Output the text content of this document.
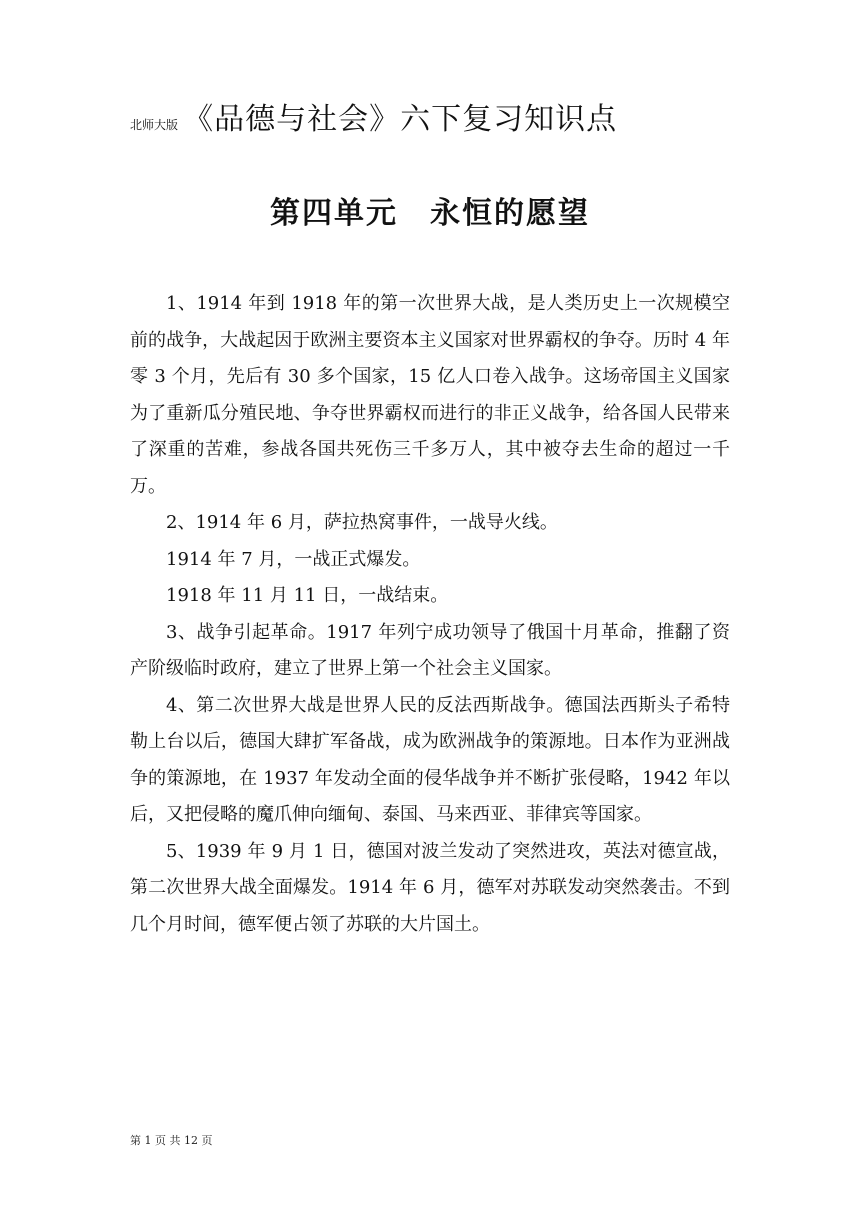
北师大版 《品德与社会》六下复习知识点
第四单元　永恒的愿望

1、1914 年到 1918 年的第一次世界大战，是人类历史上一次规模空前的战争，大战起因于欧洲主要资本主义国家对世界霸权的争夺。历时 4 年零 3 个月，先后有 30 多个国家，15 亿人口卷入战争。这场帝国主义国家为了重新瓜分殖民地、争夺世界霸权而进行的非正义战争，给各国人民带来了深重的苦难，参战各国共死伤三千多万人，其中被夺去生命的超过一千万。

2、1914 年 6 月，萨拉热窝事件，一战导火线。

1914 年 7 月，一战正式爆发。

1918 年 11 月 11 日，一战结束。

3、战争引起革命。1917 年列宁成功领导了俄国十月革命，推翻了资产阶级临时政府，建立了世界上第一个社会主义国家。

4、第二次世界大战是世界人民的反法西斯战争。德国法西斯头子希特勒上台以后，德国大肆扩军备战，成为欧洲战争的策源地。日本作为亚洲战争的策源地，在 1937 年发动全面的侵华战争并不断扩张侵略，1942 年以后，又把侵略的魔爪伸向缅甸、泰国、马来西亚、菲律宾等国家。

5、1939 年 9 月 1 日，德国对波兰发动了突然进攻，英法对德宣战，第二次世界大战全面爆发。1914 年 6 月，德军对苏联发动突然袭击。不到几个月时间，德军便占领了苏联的大片国土。

第 1 页 共 12 页
